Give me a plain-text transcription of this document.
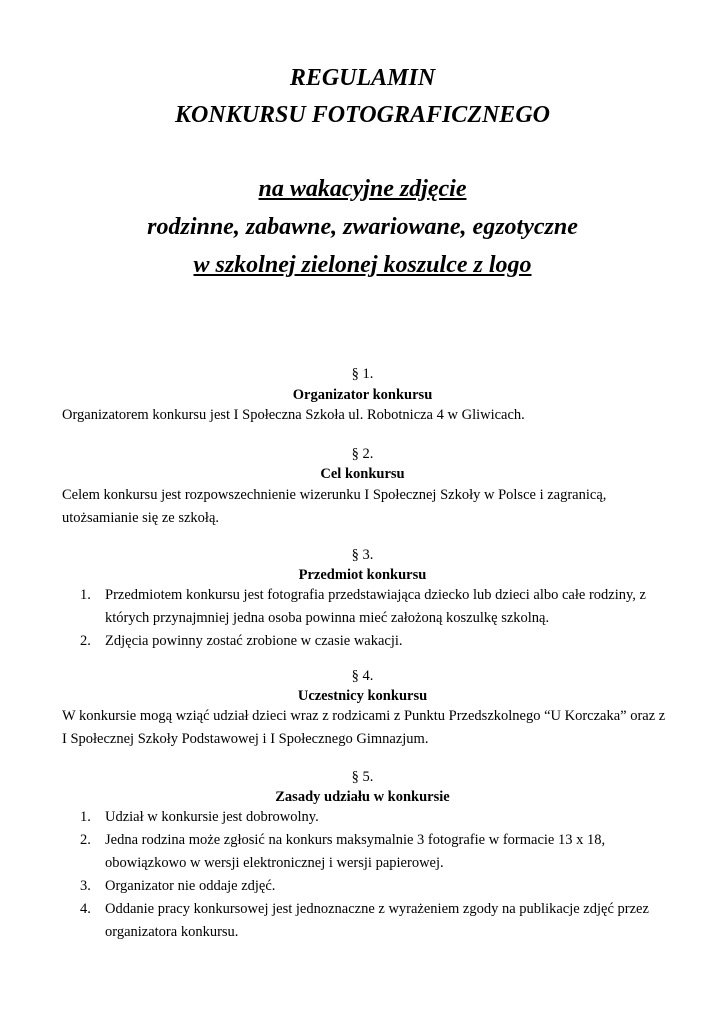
REGULAMIN
KONKURSU FOTOGRAFICZNEGO
na wakacyjne zdjęcie
rodzinne, zabawne, zwariowane, egzotyczne
w szkolnej zielonej koszulce z logo
§ 1.
Organizator konkursu
Organizatorem konkursu jest I Społeczna Szkoła ul. Robotnicza 4 w Gliwicach.
§ 2.
Cel konkursu
Celem konkursu jest rozpowszechnienie wizerunku I Społecznej Szkoły w Polsce i zagranicą, utożsamianie się ze szkołą.
§ 3.
Przedmiot konkursu
1. Przedmiotem konkursu jest fotografia przedstawiająca dziecko lub dzieci albo całe rodziny, z których przynajmniej jedna osoba powinna mieć założoną koszulkę szkolną.
2. Zdjęcia powinny zostać zrobione w czasie wakacji.
§ 4.
Uczestnicy konkursu
W konkursie mogą wziąć udział dzieci wraz z rodzicami z Punktu Przedszkolnego “U Korczaka” oraz z I Społecznej Szkoły Podstawowej i I Społecznego Gimnazjum.
§ 5.
Zasady udziału w konkursie
1. Udział w konkursie jest dobrowolny.
2. Jedna rodzina może zgłosić na konkurs maksymalnie 3 fotografie w formacie 13 x 18, obowiązkowo w wersji elektronicznej i wersji papierowej.
3. Organizator nie oddaje zdjęć.
4. Oddanie pracy konkursowej jest jednoznaczne z wyrażeniem zgody na publikacje zdjęć przez organizatora konkursu.
